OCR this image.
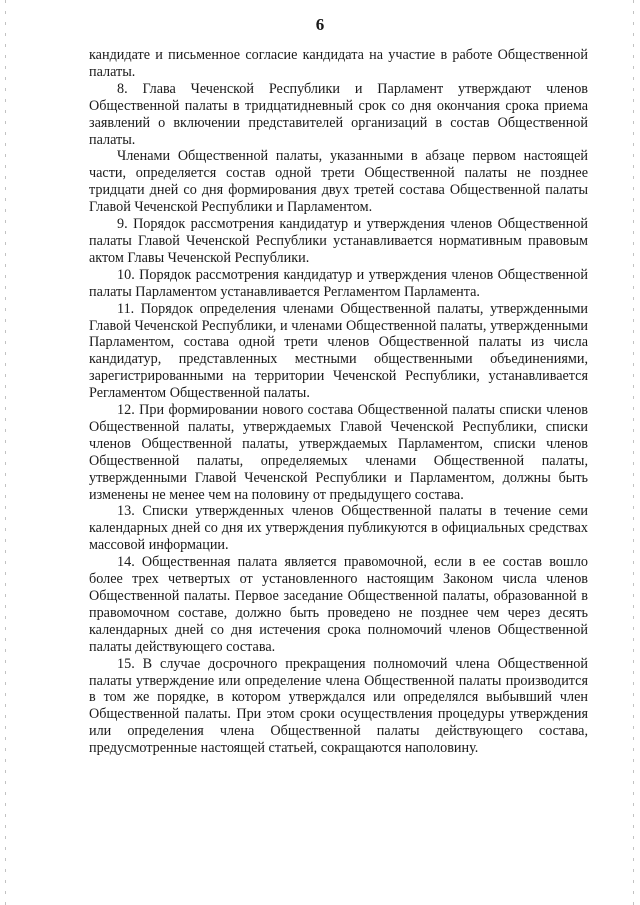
6

кандидате и письменное согласие кандидата на участие в работе Общественной палаты.

8. Глава Чеченской Республики и Парламент утверждают членов Общественной палаты в тридцатидневный срок со дня окончания срока приема заявлений о включении представителей организаций в состав Общественной палаты.

Членами Общественной палаты, указанными в абзаце первом настоящей части, определяется состав одной трети Общественной палаты не позднее тридцати дней со дня формирования двух третей состава Общественной палаты Главой Чеченской Республики и Парламентом.

9. Порядок рассмотрения кандидатур и утверждения членов Общественной палаты Главой Чеченской Республики устанавливается нормативным правовым актом Главы Чеченской Республики.

10. Порядок рассмотрения кандидатур и утверждения членов Общественной палаты Парламентом устанавливается Регламентом Парламента.

11. Порядок определения членами Общественной палаты, утвержденными Главой Чеченской Республики, и членами Общественной палаты, утвержденными Парламентом, состава одной трети членов Общественной палаты из числа кандидатур, представленных местными общественными объединениями, зарегистрированными на территории Чеченской Республики, устанавливается Регламентом Общественной палаты.

12. При формировании нового состава Общественной палаты списки членов Общественной палаты, утверждаемых Главой Чеченской Республики, списки членов Общественной палаты, утверждаемых Парламентом, списки членов Общественной палаты, определяемых членами Общественной палаты, утвержденными Главой Чеченской Республики и Парламентом, должны быть изменены не менее чем на половину от предыдущего состава.

13. Списки утвержденных членов Общественной палаты в течение семи календарных дней со дня их утверждения публикуются в официальных средствах массовой информации.

14. Общественная палата является правомочной, если в ее состав вошло более трех четвертых от установленного настоящим Законом числа членов Общественной палаты. Первое заседание Общественной палаты, образованной в правомочном составе, должно быть проведено не позднее чем через десять календарных дней со дня истечения срока полномочий членов Общественной палаты действующего состава.

15. В случае досрочного прекращения полномочий члена Общественной палаты утверждение или определение члена Общественной палаты производится в том же порядке, в котором утверждался или определялся выбывший член Общественной палаты. При этом сроки осуществления процедуры утверждения или определения члена Общественной палаты действующего состава, предусмотренные настоящей статьей, сокращаются наполовину.
